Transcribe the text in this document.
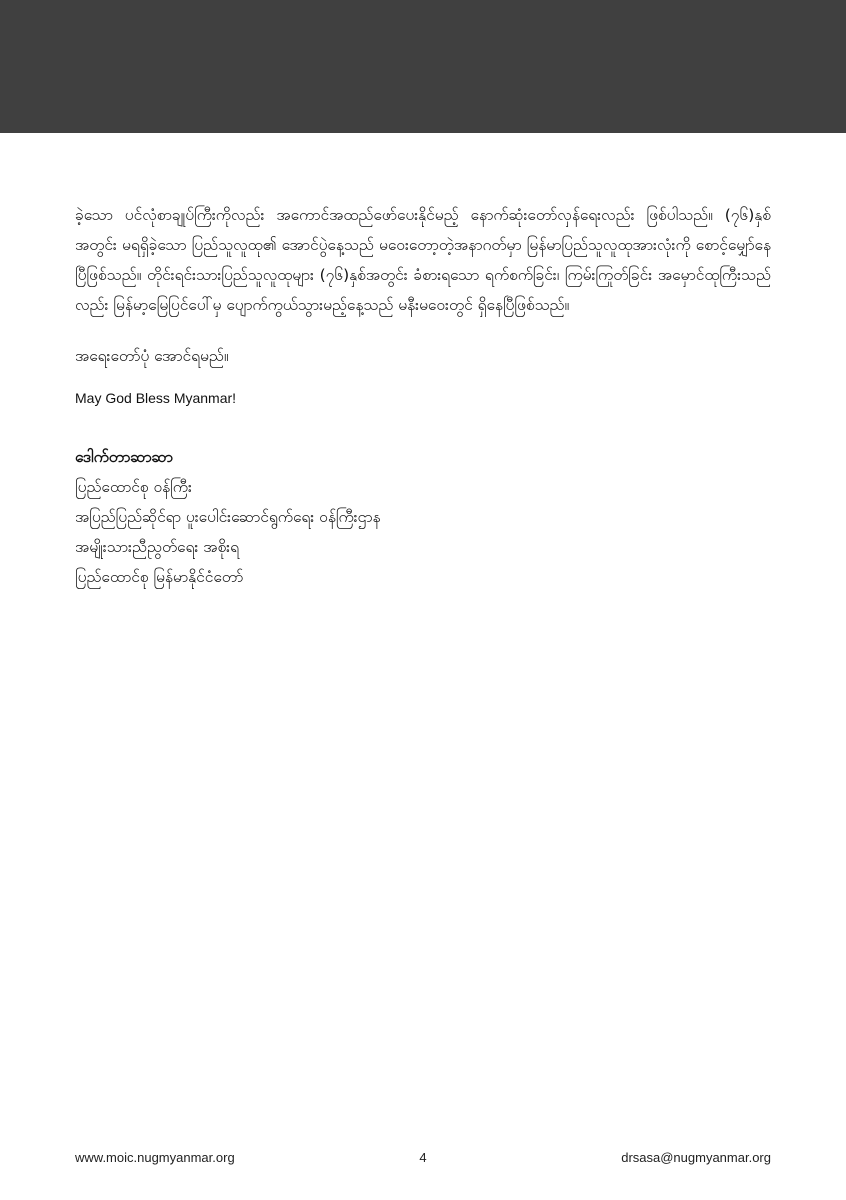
ခဲ့သော ပင်လုံစာချုပ်ကြီးကိုလည်း အကောင်အထည်ဖော်ပေးနိုင်မည့် နောက်ဆုံးတော်လှန်ရေးလည်း ဖြစ်ပါသည်။ (၇၆)နှစ်အတွင်း မရရှိခဲ့သော ပြည်သူလူထု၏ အောင်ပွဲနေ့သည် မဝေးတော့တဲ့အနာဂတ်မှာ မြန်မာပြည်သူလူထုအားလုံးကို စောင့်မျှော်နေပြီဖြစ်သည်။ တိုင်းရင်းသားပြည်သူလူထုများ (၇၆)နှစ်အတွင်း ခံစားရသော ရက်စက်ခြင်း၊ ကြမ်းကြုတ်ခြင်း အမှောင်ထုကြီးသည်လည်း မြန်မာ့မြေပြင်ပေါ်မှ ပျောက်ကွယ်သွားမည့်နေ့သည် မနီးမဝေးတွင် ရှိနေပြီဖြစ်သည်။

အရေးတော်ပုံ အောင်ရမည်။

May God Bless Myanmar!

ဒေါက်တာဆာဆာ
ပြည်ထောင်စု ဝန်ကြီး
အပြည်ပြည်ဆိုင်ရာ ပူးပေါင်းဆောင်ရွက်ရေး ဝန်ကြီးဌာန
အမျိုးသားညီညွတ်ရေး အစိုးရ
ပြည်ထောင်စု မြန်မာနိုင်ငံတော်
www.moic.nugmyanmar.org	4	drsasa@nugmyanmar.org
